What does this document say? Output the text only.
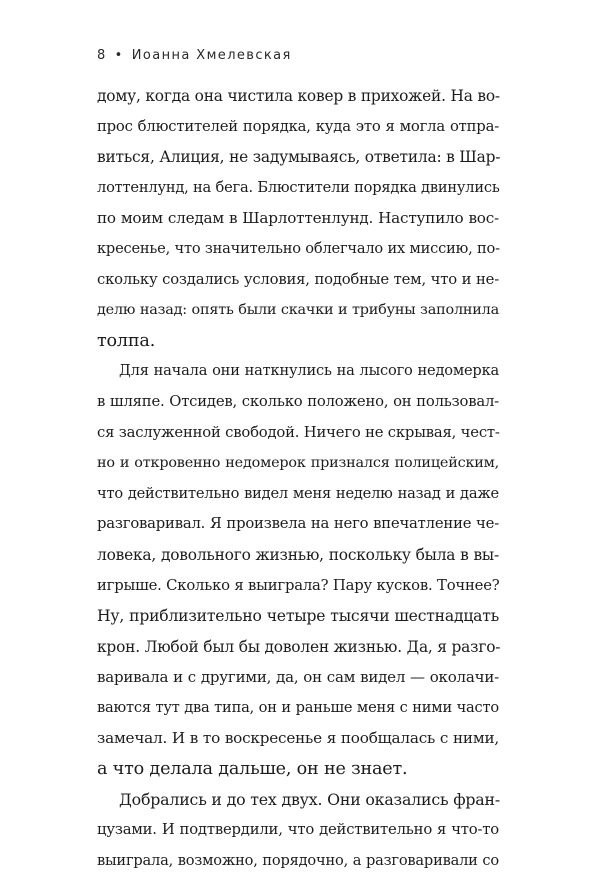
8 • Иоанна Хмелевская
дому, когда она чистила ковер в прихожей. На во-
прос блюстителей порядка, куда это я могла отпра-
виться, Алиция, не задумываясь, ответила: в Шар-
лоттенлунд, на бега. Блюстители порядка двинулись
по моим следам в Шарлоттенлунд. Наступило вос-
кресенье, что значительно облегчало их миссию, по-
скольку создались условия, подобные тем, что и не-
делю назад: опять были скачки и трибуны заполнила
толпа.
Для начала они наткнулись на лысого недомерка
в шляпе. Отсидев, сколько положено, он пользовал-
ся заслуженной свободой. Ничего не скрывая, чест-
но и откровенно недомерок признался полицейским,
что действительно видел меня неделю назад и даже
разговаривал. Я произвела на него впечатление че-
ловека, довольного жизнью, поскольку была в вы-
игрыше. Сколько я выиграла? Пару кусков. Точнее?
Ну, приблизительно четыре тысячи шестнадцать
крон. Любой был бы доволен жизнью. Да, я разго-
варивала и с другими, да, он сам видел — околачи-
ваются тут два типа, он и раньше меня с ними часто
замечал. И в то воскресенье я пообщалась с ними,
а что делала дальше, он не знает.
Добрались и до тех двух. Они оказались фран-
цузами. И подтвердили, что действительно я что-то
выиграла, возможно, порядочно, а разговаривали со
